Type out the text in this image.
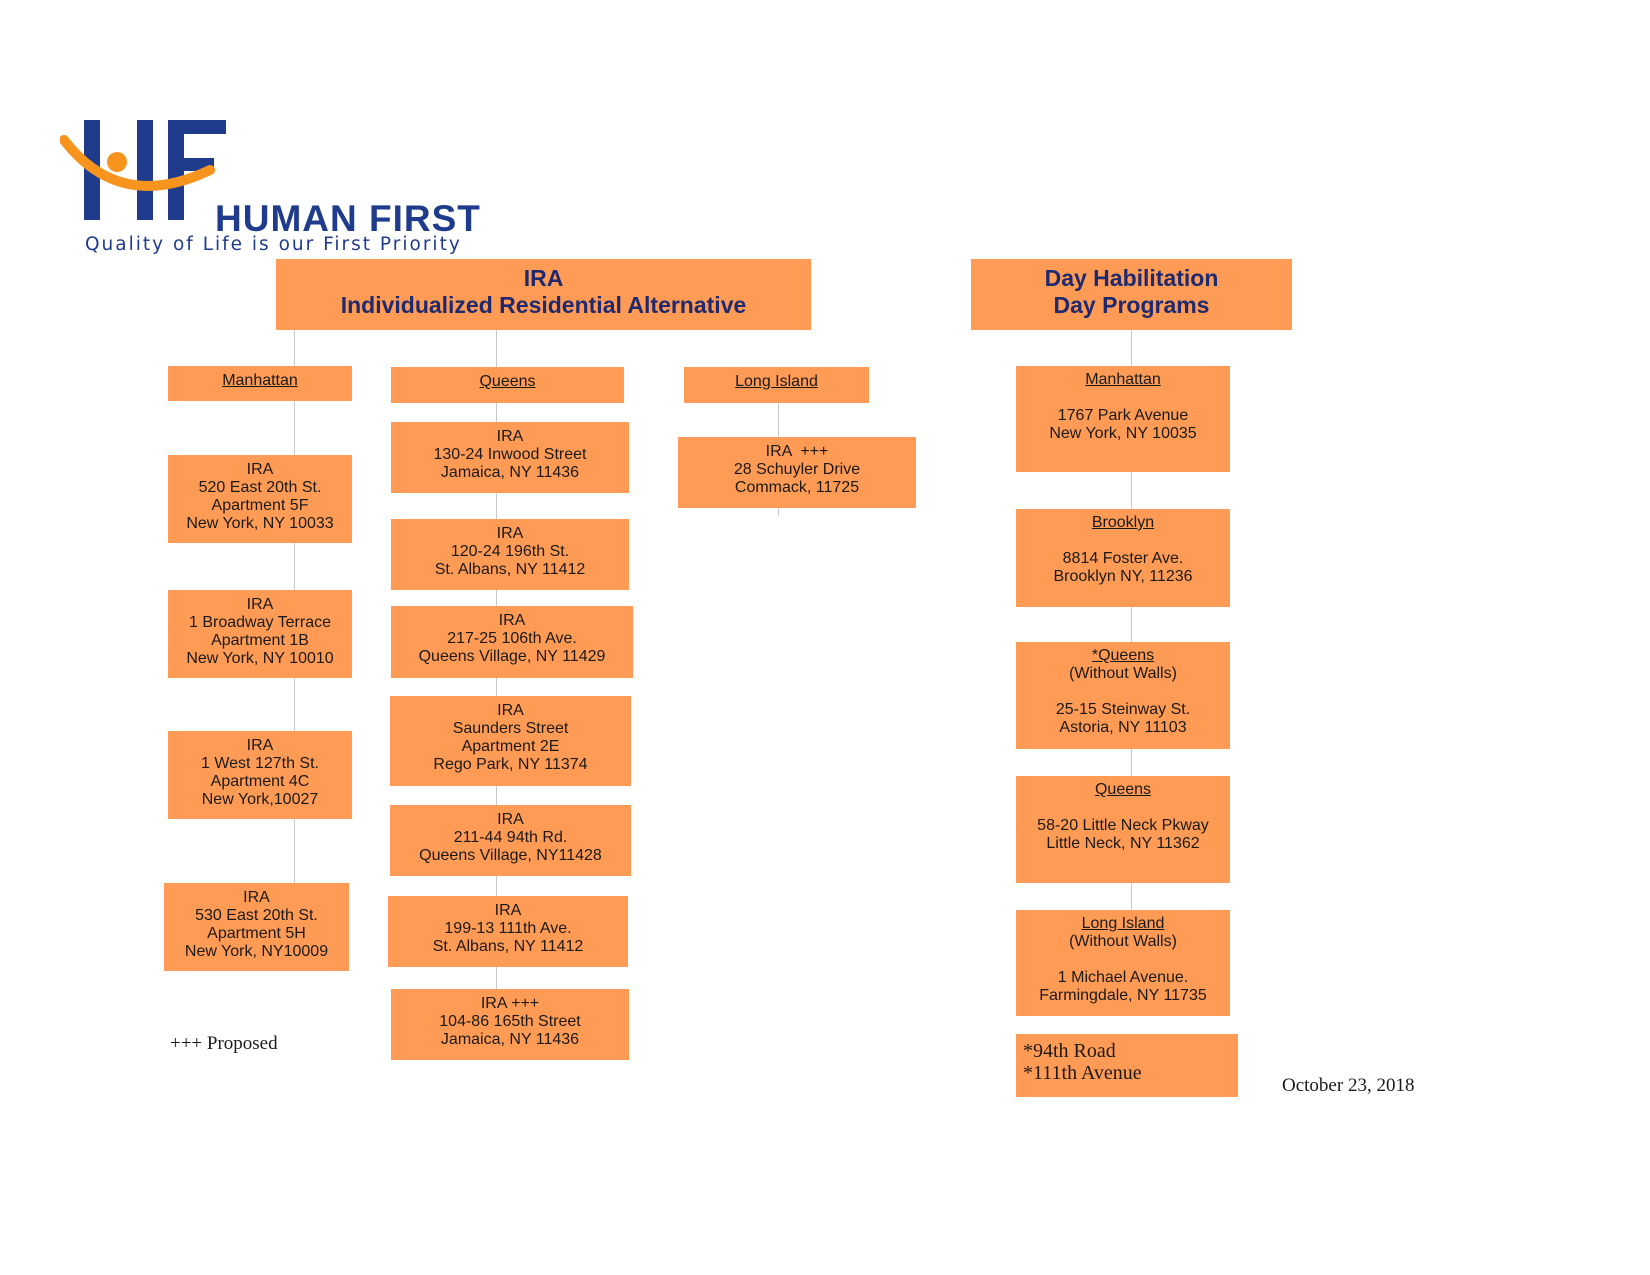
HUMAN FIRST
Quality of Life is our First Priority
IRA
Individualized Residential Alternative
Day Habilitation
Day Programs
Manhattan	Queens	Long Island
IRA
520 East 20th St.
Apartment 5F
New York, NY 10033
IRA
1 Broadway Terrace
Apartment 1B
New York, NY 10010
IRA
1 West 127th St.
Apartment 4C
New York,10027
IRA
530 East 20th St.
Apartment 5H
New York, NY10009
IRA
130-24 Inwood Street
Jamaica, NY 11436
IRA
120-24 196th St.
St. Albans, NY 11412
IRA
217-25 106th Ave.
Queens Village, NY 11429
IRA
Saunders Street
Apartment 2E
Rego Park, NY 11374
IRA
211-44 94th Rd.
Queens Village, NY11428
IRA
199-13 111th Ave.
St. Albans, NY 11412
IRA +++
104-86 165th Street
Jamaica, NY 11436
IRA  +++
28 Schuyler Drive
Commack, 11725
Manhattan

1767 Park Avenue
New York, NY 10035
Brooklyn

8814 Foster Ave.
Brooklyn NY, 11236
*Queens
(Without Walls)

25-15 Steinway St.
Astoria, NY 11103
Queens

58-20 Little Neck Pkway
Little Neck, NY 11362
Long Island
(Without Walls)

1 Michael Avenue.
Farmingdale, NY 11735
*94th Road
*111th Avenue
+++ Proposed
October 23, 2018
